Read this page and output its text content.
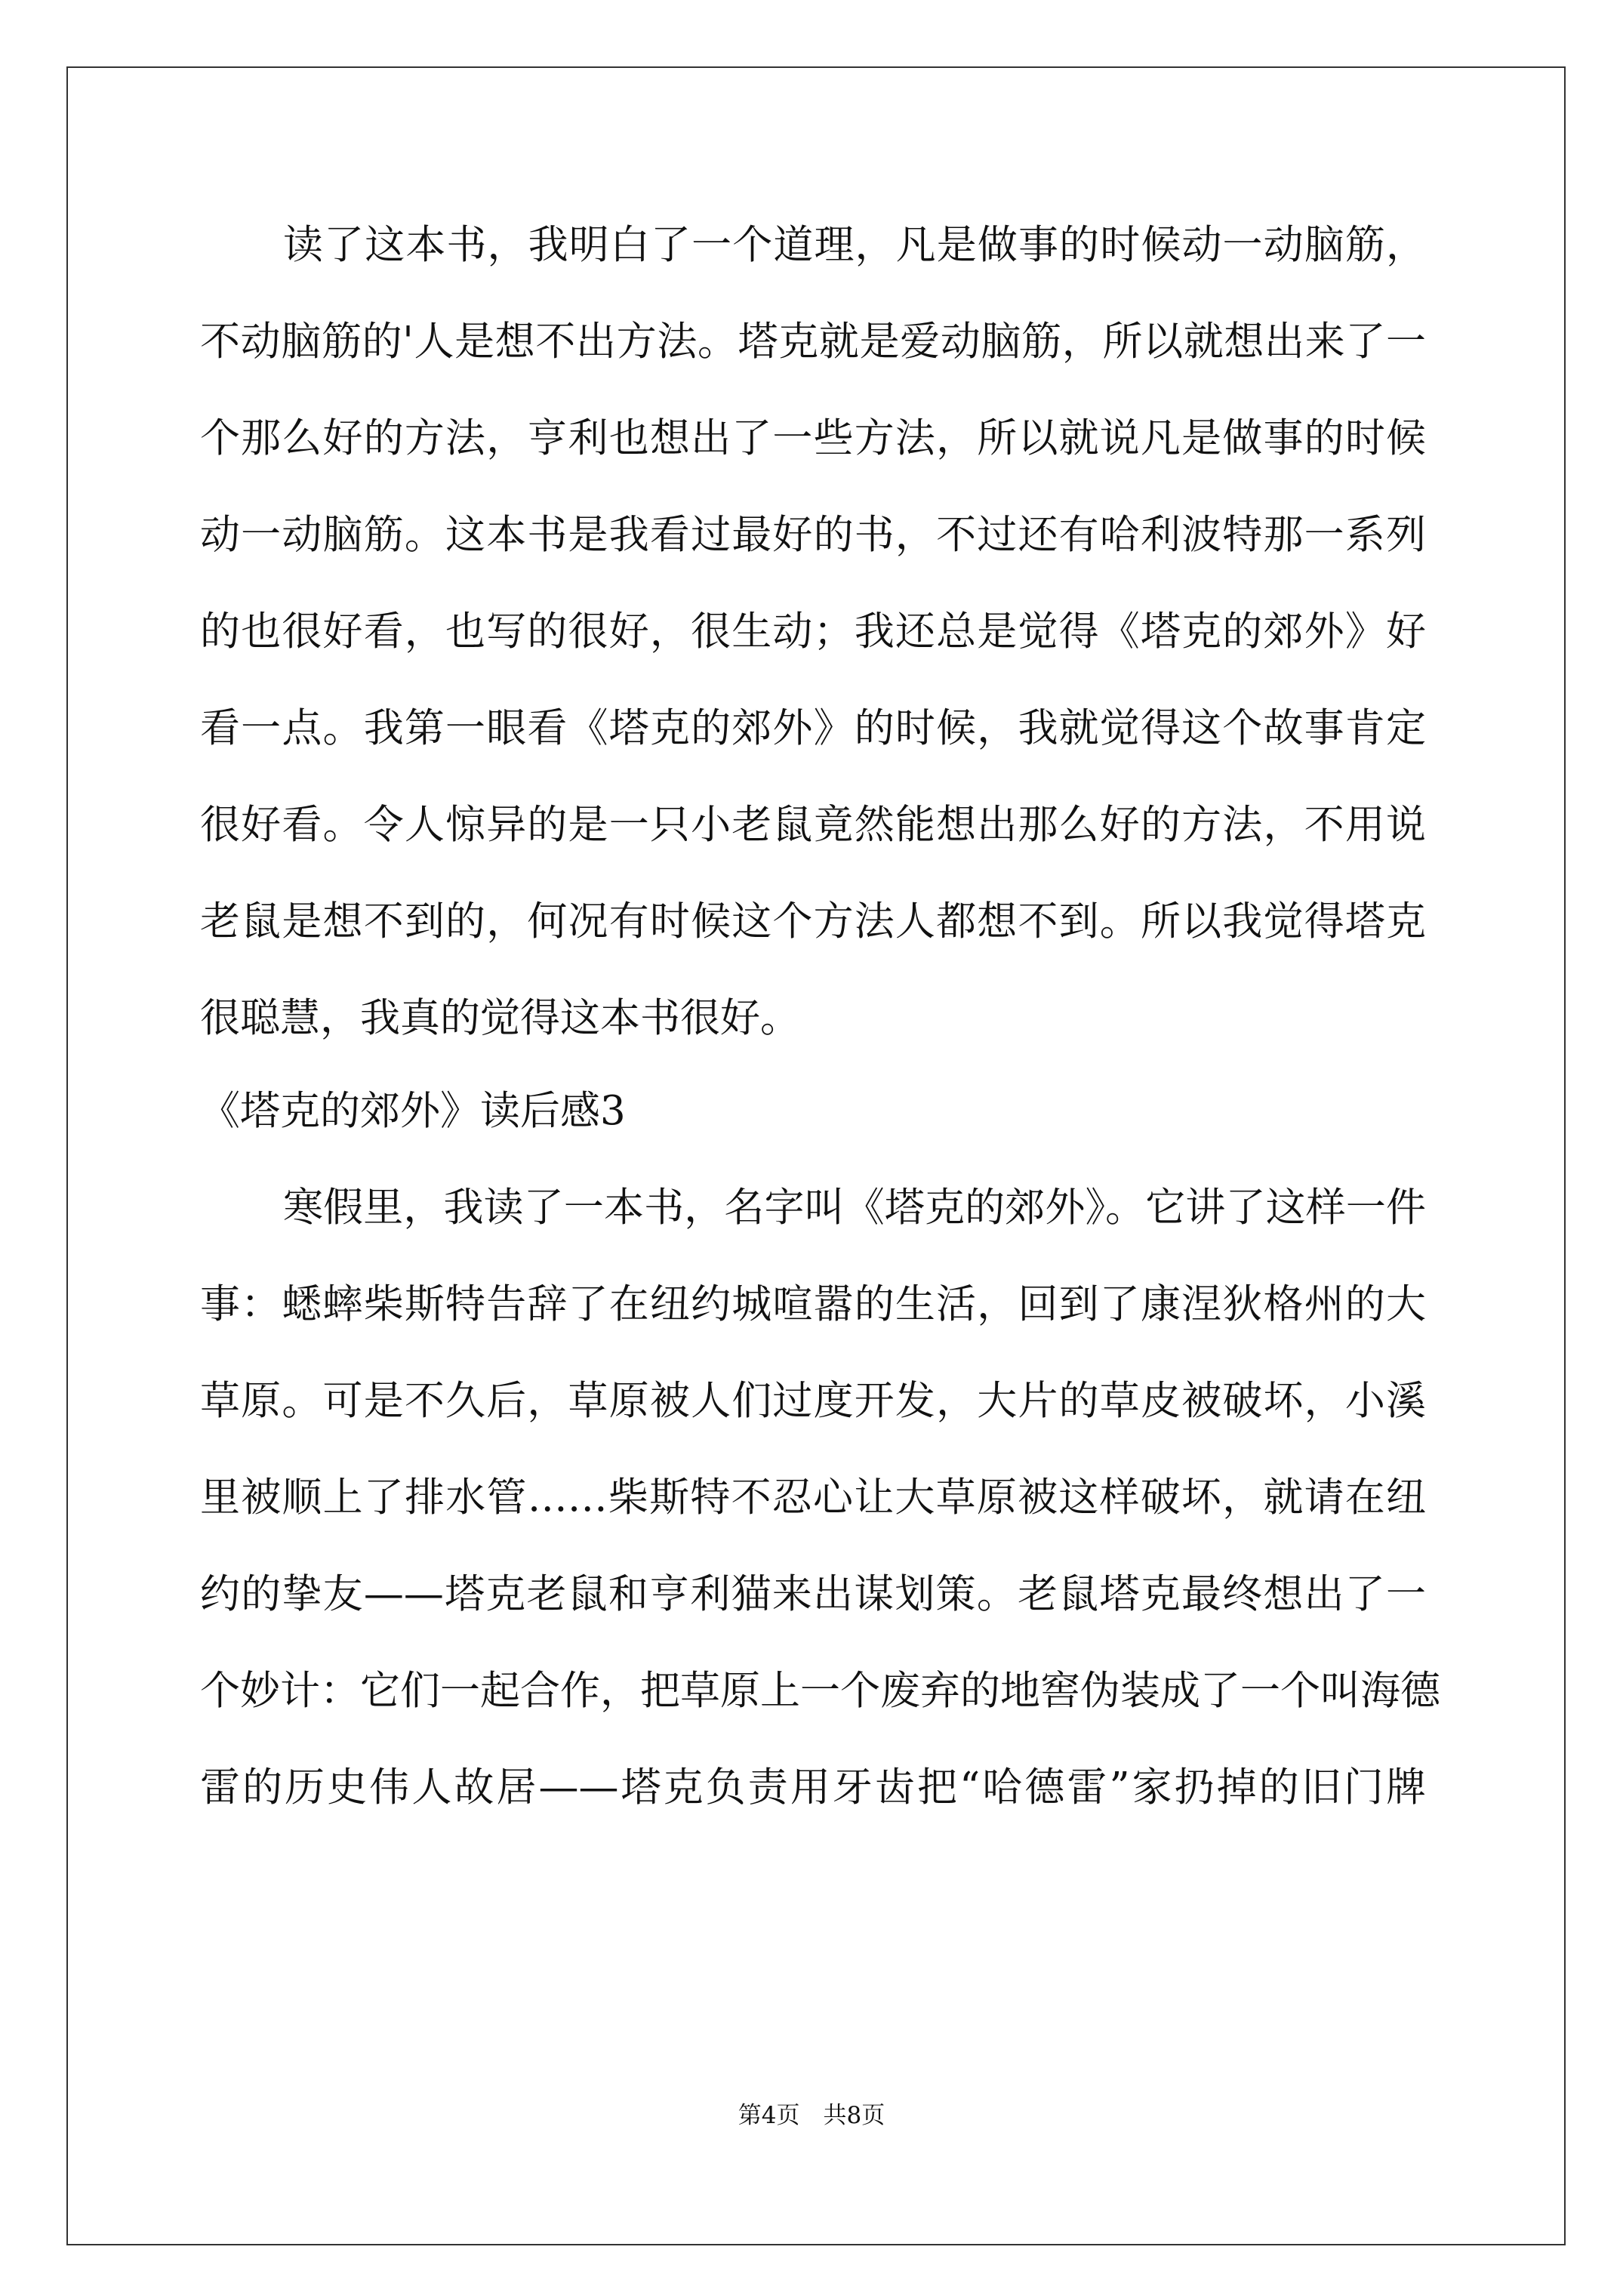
读了这本书，我明白了一个道理，凡是做事的时候动一动脑筋，
不动脑筋的'人是想不出方法。塔克就是爱动脑筋，所以就想出来了一
个那么好的方法，亨利也想出了一些方法，所以就说凡是做事的时候
动一动脑筋。这本书是我看过最好的书，不过还有哈利波特那一系列
的也很好看，也写的很好，很生动；我还总是觉得《塔克的郊外》好
看一点。我第一眼看《塔克的郊外》的时候，我就觉得这个故事肯定
很好看。令人惊异的是一只小老鼠竟然能想出那么好的方法，不用说
老鼠是想不到的，何况有时候这个方法人都想不到。所以我觉得塔克
很聪慧，我真的觉得这本书很好。
《塔克的郊外》读后感3
寒假里，我读了一本书，名字叫《塔克的郊外》。它讲了这样一件
事：蟋蟀柴斯特告辞了在纽约城喧嚣的生活，回到了康涅狄格州的大
草原。可是不久后，草原被人们过度开发，大片的草皮被破坏，小溪
里被顺上了排水管……柴斯特不忍心让大草原被这样破坏，就请在纽
约的挚友——塔克老鼠和亨利猫来出谋划策。老鼠塔克最终想出了一
个妙计：它们一起合作，把草原上一个废弃的地窖伪装成了一个叫海德
雷的历史伟人故居——塔克负责用牙齿把“哈德雷”家扔掉的旧门牌
第4页　共8页
